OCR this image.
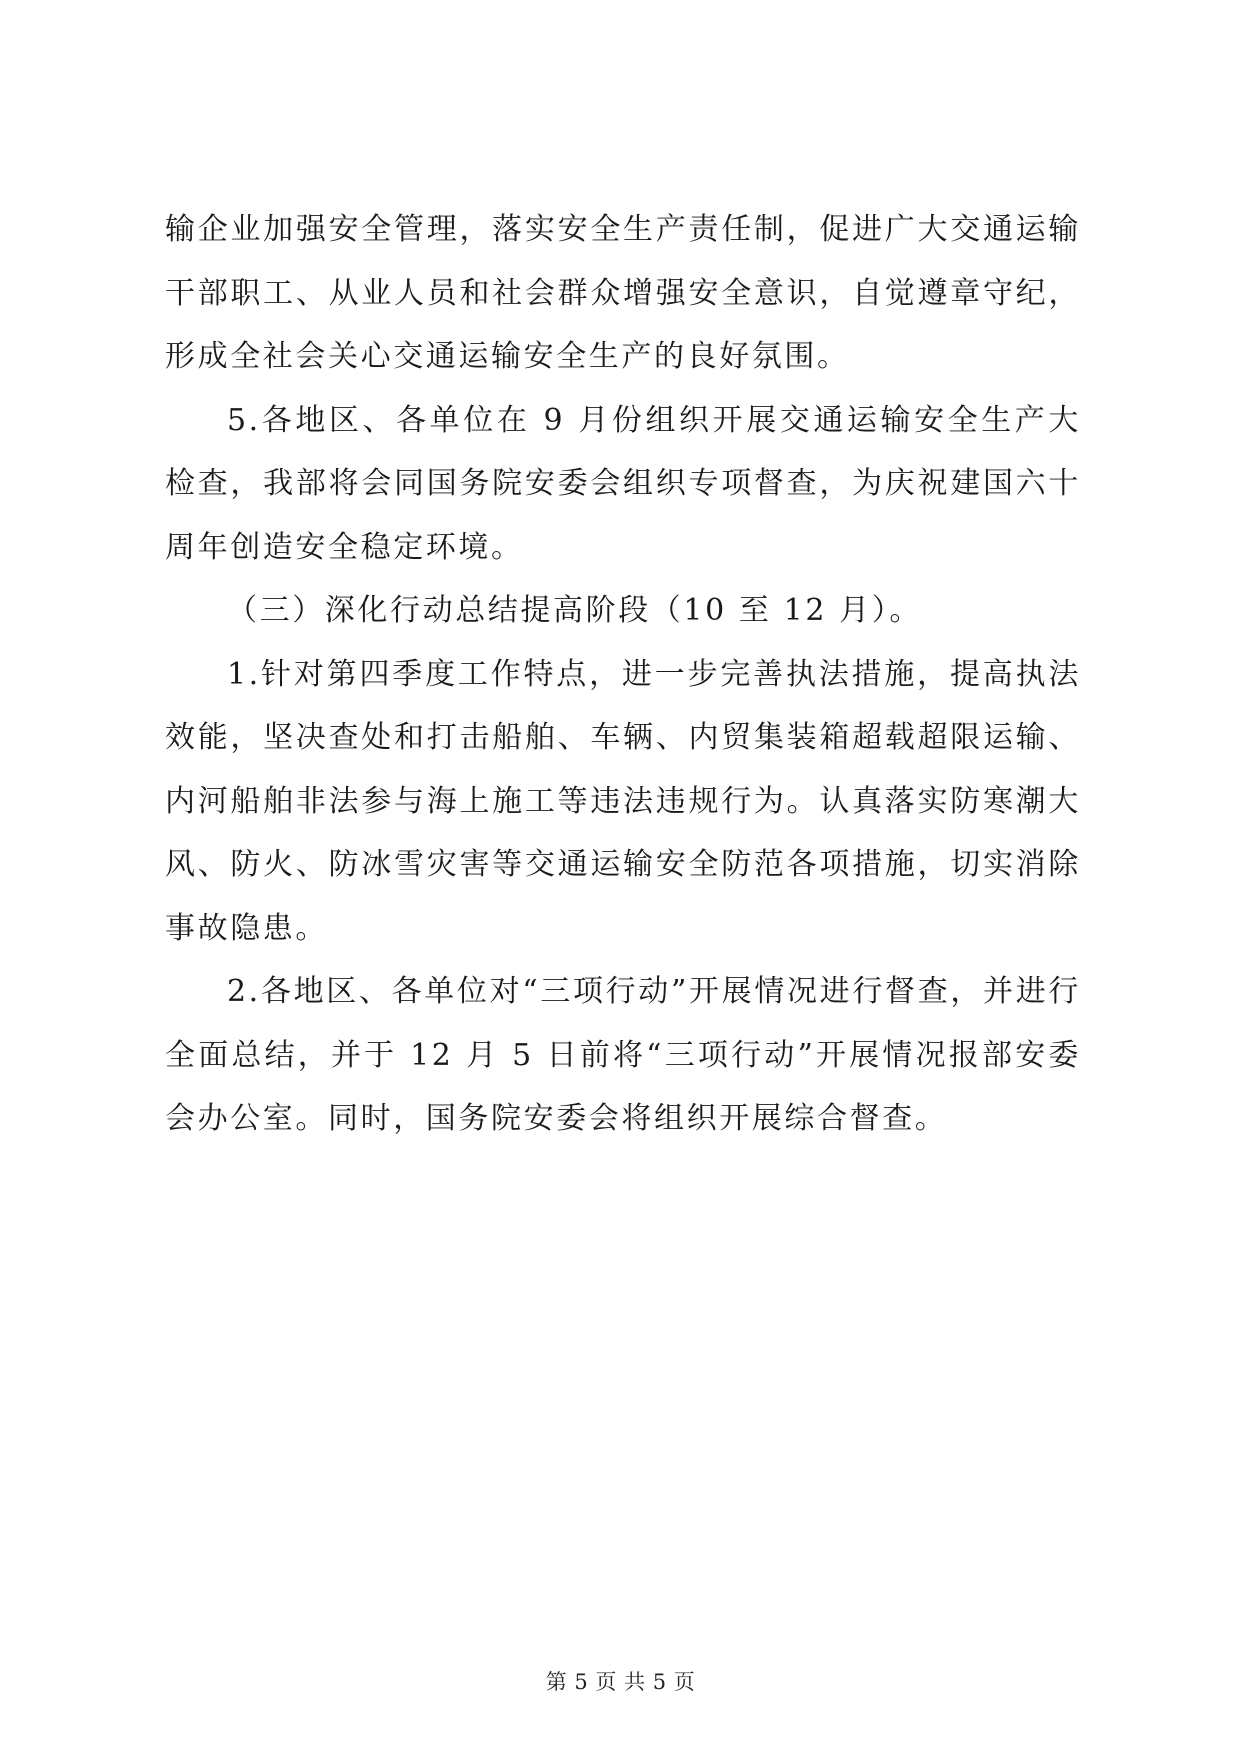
输企业加强安全管理，落实安全生产责任制，促进广大交通运输干部职工、从业人员和社会群众增强安全意识，自觉遵章守纪，形成全社会关心交通运输安全生产的良好氛围。

5.各地区、各单位在 9 月份组织开展交通运输安全生产大检查，我部将会同国务院安委会组织专项督查，为庆祝建国六十周年创造安全稳定环境。

（三）深化行动总结提高阶段（10 至 12 月）。

1.针对第四季度工作特点，进一步完善执法措施，提高执法效能，坚决查处和打击船舶、车辆、内贸集装箱超载超限运输、内河船舶非法参与海上施工等违法违规行为。认真落实防寒潮大风、防火、防冰雪灾害等交通运输安全防范各项措施，切实消除事故隐患。

2.各地区、各单位对“三项行动”开展情况进行督查，并进行全面总结，并于 12 月 5 日前将“三项行动”开展情况报部安委会办公室。同时，国务院安委会将组织开展综合督查。

第 5 页 共 5 页
